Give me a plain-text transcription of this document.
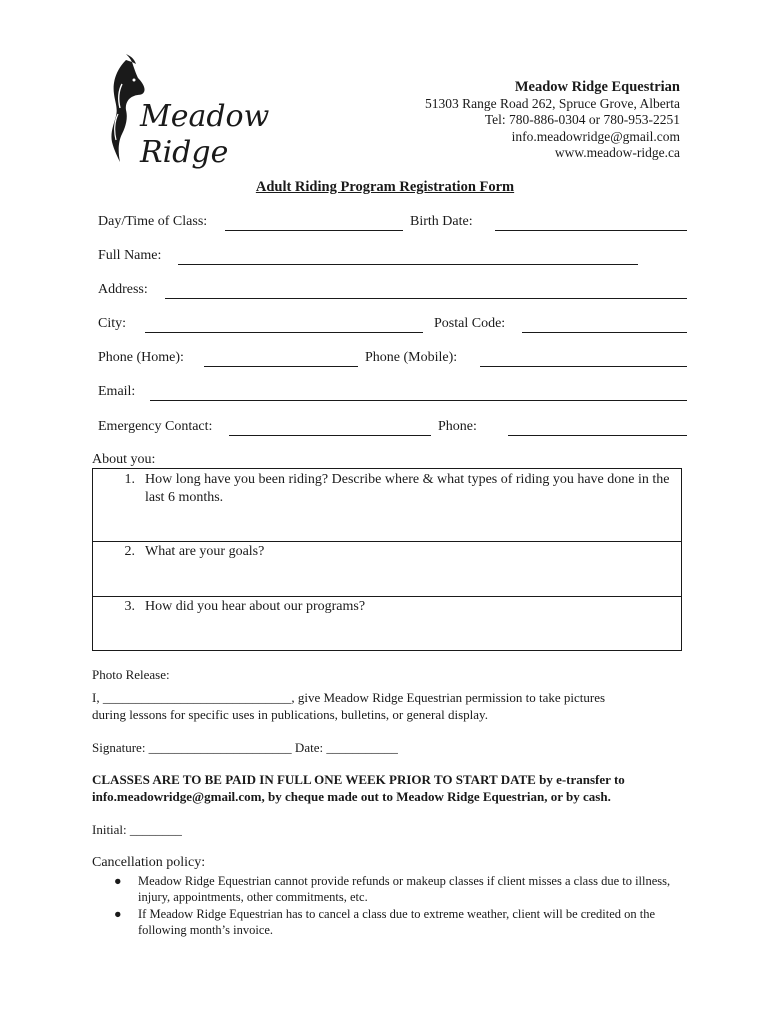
Meadow
Ridge
Meadow Ridge Equestrian
51303 Range Road 262, Spruce Grove, Alberta
Tel: 780-886-0304 or 780-953-2251
info.meadowridge@gmail.com
www.meadow-ridge.ca
Adult Riding Program Registration Form
Day/Time of Class:	Birth Date:
Full Name:
Address:
City:	Postal Code:
Phone (Home):	Phone (Mobile):
Email:
Emergency Contact:	Phone:
About you:
1. How long have you been riding? Describe where & what types of riding you have done in the last 6 months.
2. What are your goals?
3. How did you hear about our programs?
Photo Release:
I, _____________________________, give Meadow Ridge Equestrian permission to take pictures
during lessons for specific uses in publications, bulletins, or general display.
Signature: ______________________ Date: ___________
CLASSES ARE TO BE PAID IN FULL ONE WEEK PRIOR TO START DATE by e-transfer to info.meadowridge@gmail.com, by cheque made out to Meadow Ridge Equestrian, or by cash.
Initial: ________
Cancellation policy:
● Meadow Ridge Equestrian cannot provide refunds or makeup classes if client misses a class due to illness, injury, appointments, other commitments, etc.
● If Meadow Ridge Equestrian has to cancel a class due to extreme weather, client will be credited on the following month’s invoice.
